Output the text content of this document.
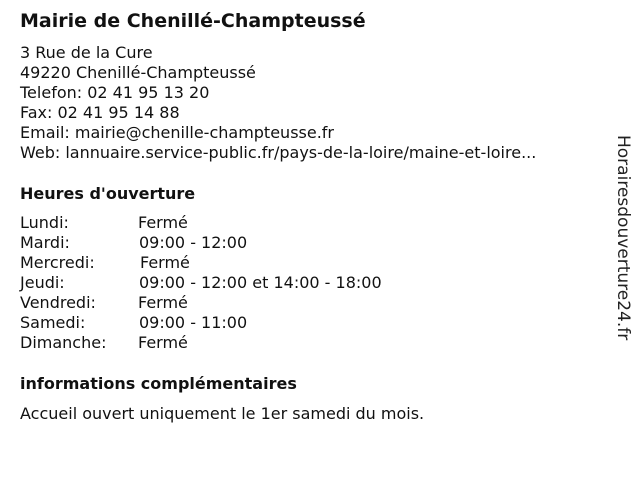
Mairie de Chenillé-Champteussé
3 Rue de la Cure
49220 Chenillé-Champteussé
Telefon: 02 41 95 13 20
Fax: 02 41 95 14 88
Email: mairie@chenille-champteusse.fr
Web: lannuaire.service-public.fr/pays-de-la-loire/maine-et-loire...
Heures d'ouverture
Lundi:	Fermé
Mardi:	09:00 - 12:00
Mercredi:	Fermé
Jeudi:	09:00 - 12:00 et 14:00 - 18:00
Vendredi:	Fermé
Samedi:	09:00 - 11:00
Dimanche: Fermé
informations complémentaires
Accueil ouvert uniquement le 1er samedi du mois.
Horairesdouverture24.fr
